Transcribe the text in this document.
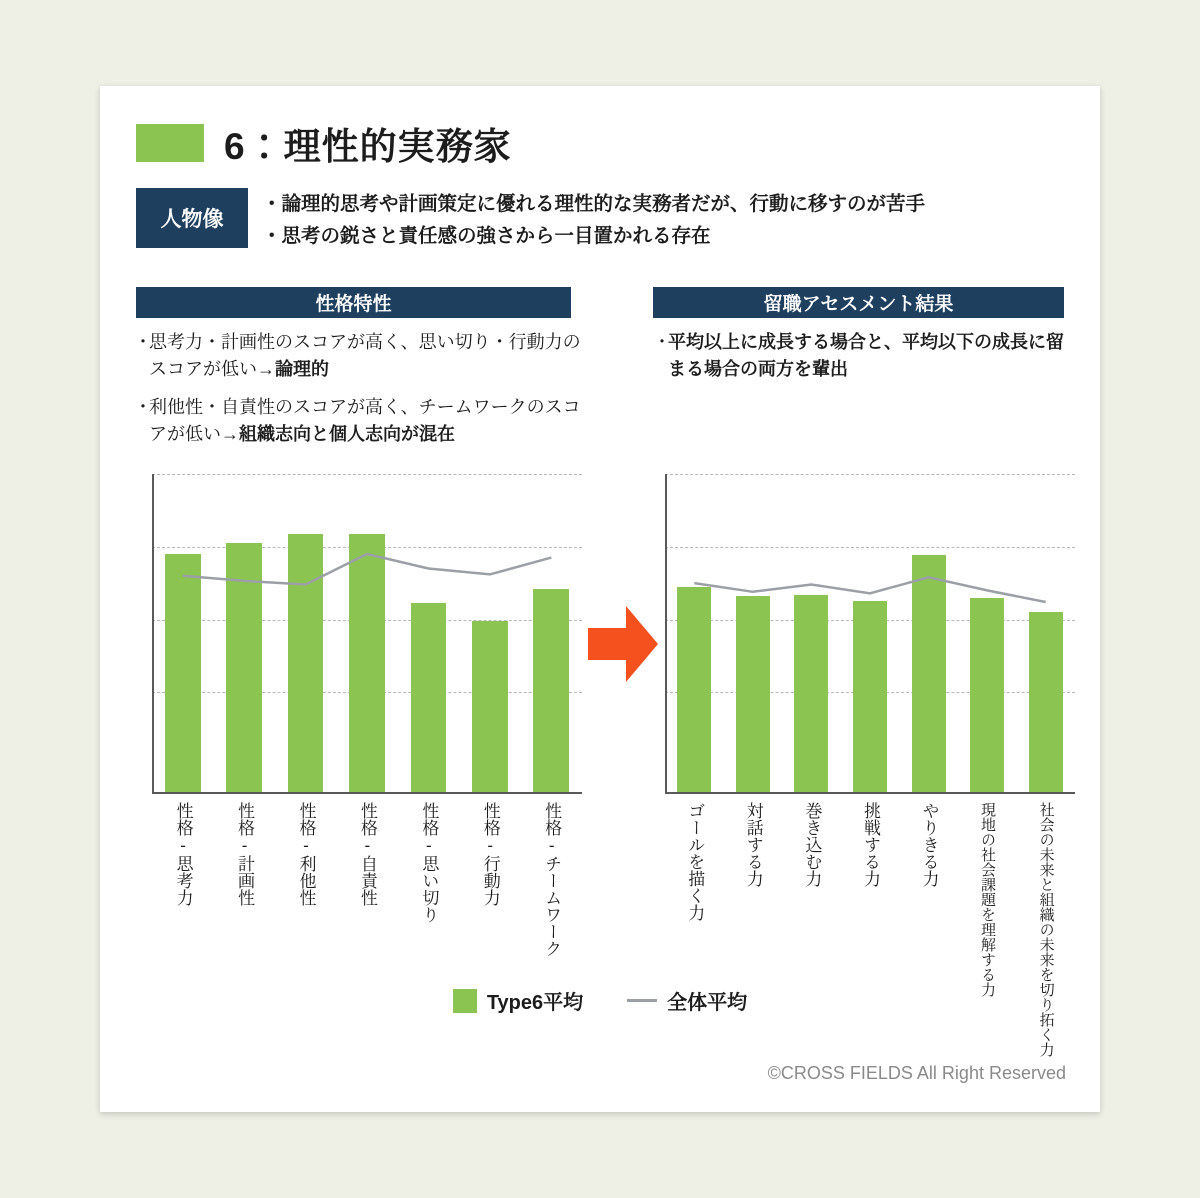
6：理性的実務家
人物像
・論理的思考や計画策定に優れる理性的な実務者だが、行動に移すのが苦手
・思考の鋭さと責任感の強さから一目置かれる存在
性格特性	留職アセスメント結果
・
思考力・計画性のスコアが高く、思い切り・行動力のスコアが低い→論理的
・
利他性・自責性のスコアが高く、チームワークのスコアが低い→組織志向と個人志向が混在
・
平均以上に成長する場合と、平均以下の成長に留まる場合の両方を輩出
性格‐思考力 性格‐計画性 性格‐利他性 性格‐自責性 性格‐思い切り 性格‐行動力 性格‐チームワーク	ゴールを描く力 対話する力 巻き込む力 挑戦する力 やりきる力	現地の社会課題を理解する力	社会の未来と組織の未来を切り拓く力
Type6平均	全体平均
©CROSS FIELDS All Right Reserved
